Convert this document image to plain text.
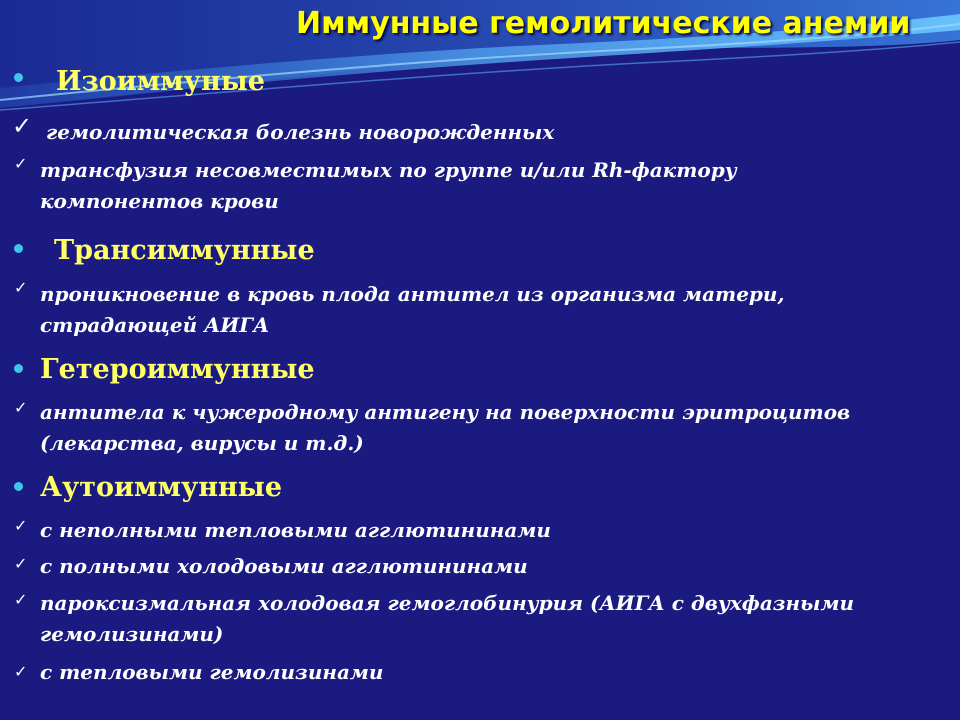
Иммунные гемолитические анемии
Изоиммуные
✓ гемолитическая болезнь новорожденных
✓ трансфузия несовместимых по группе и/или Rh-фактору
компонентов крови
Трансиммунные
✓ проникновение в кровь плода антител из организма матери,
страдающей АИГА
Гетероиммунные
✓ антитела к чужеродному антигену на поверхности эритроцитов
(лекарства, вирусы и т.д.)
Аутоиммунные
✓ с неполными тепловыми агглютининами
✓ с полными холодовыми агглютининами
✓ пароксизмальная холодовая гемоглобинурия (АИГА с двухфазными
гемолизинами)
✓ с тепловыми гемолизинами
